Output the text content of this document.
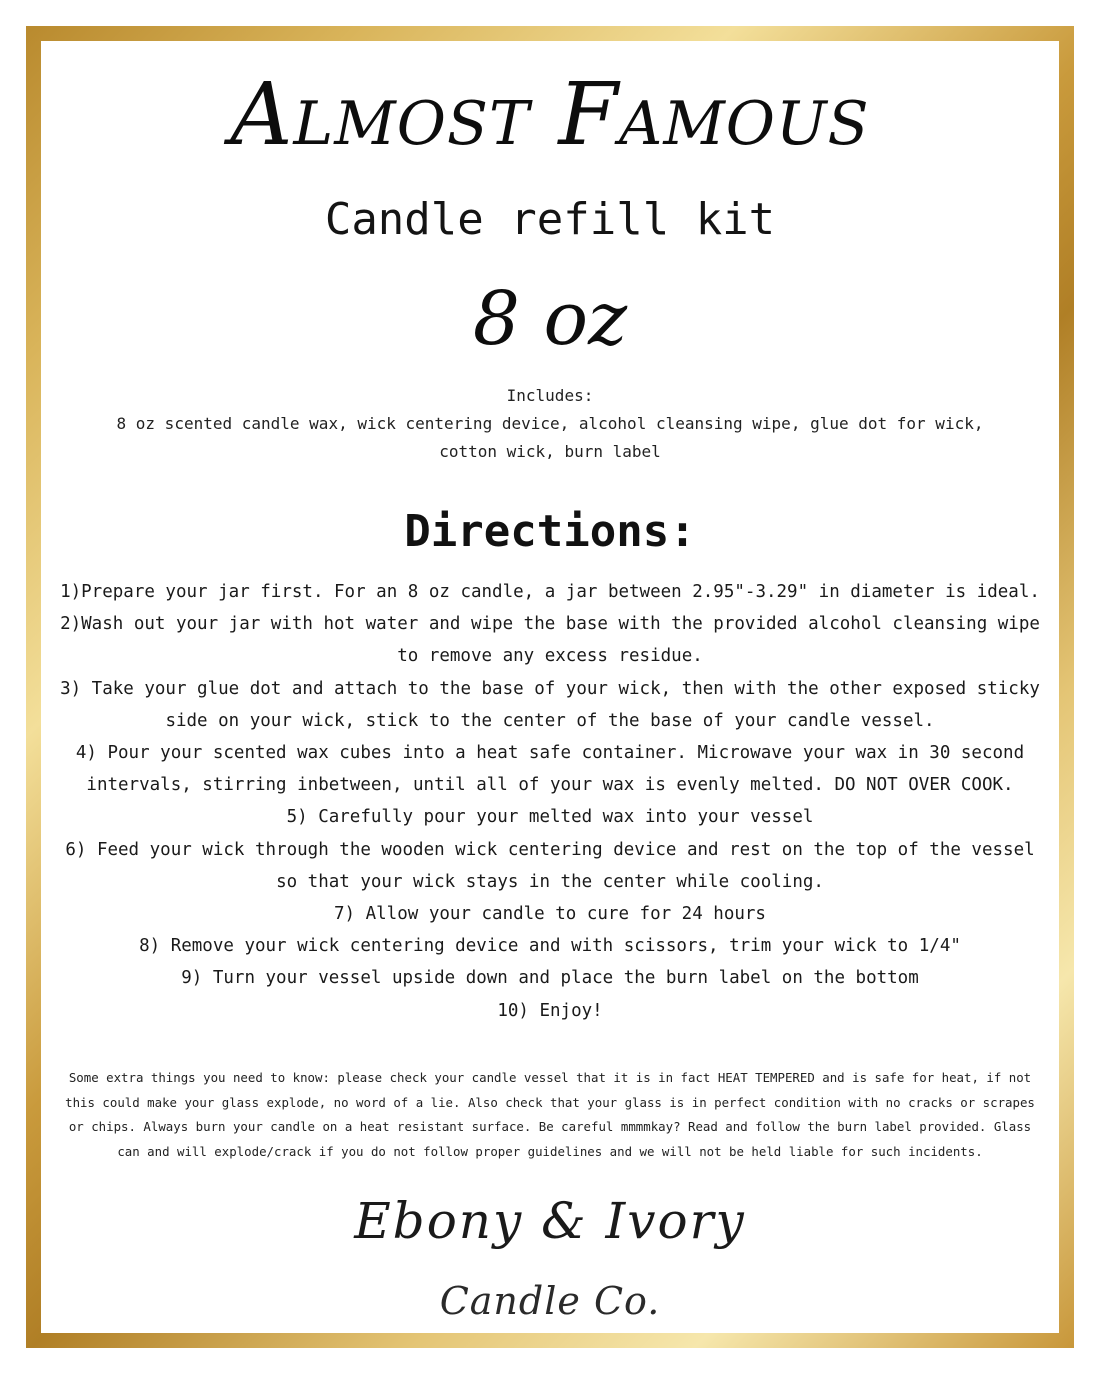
Almost Famous
Candle refill kit
8 oz
Includes:
8 oz scented candle wax, wick centering device, alcohol cleansing wipe, glue dot for wick,
cotton wick, burn label
Directions:
1)Prepare your jar first. For an 8 oz candle, a jar between 2.95"-3.29" in diameter is ideal.
2)Wash out your jar with hot water and wipe the base with the provided alcohol cleansing wipe to remove any excess residue.
3) Take your glue dot and attach to the base of your wick, then with the other exposed sticky side on your wick, stick to the center of the base of your candle vessel.
4) Pour your scented wax cubes into a heat safe container. Microwave your wax in 30 second intervals, stirring inbetween, until all of your wax is evenly melted. DO NOT OVER COOK.
5) Carefully pour your melted wax into your vessel
6) Feed your wick through the wooden wick centering device and rest on the top of the vessel so that your wick stays in the center while cooling.
7) Allow your candle to cure for 24 hours
8) Remove your wick centering device and with scissors, trim your wick to 1/4"
9) Turn your vessel upside down and place the burn label on the bottom
10) Enjoy!
Some extra things you need to know: please check your candle vessel that it is in fact HEAT TEMPERED and is safe for heat, if not this could make your glass explode, no word of a lie. Also check that your glass is in perfect condition with no cracks or scrapes or chips. Always burn your candle on a heat resistant surface. Be careful mmmmkay? Read and follow the burn label provided. Glass can and will explode/crack if you do not follow proper guidelines and we will not be held liable for such incidents.
Ebony & Ivory
Candle Co.
